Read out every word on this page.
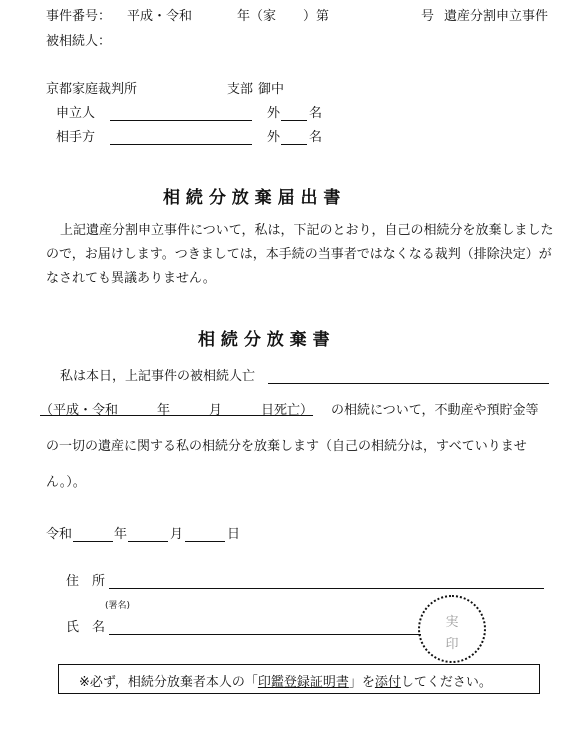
事件番号： 平成・令和	年（家 ）第	号 遺産分割申立事件
被相続人：
京都家庭裁判所	支部 御中
申立人	外 名
相手方	外 名
相 続 分 放 棄 届 出 書
上記遺産分割申立事件について，私は，下記のとおり，自己の相続分を放棄しましたので，お届けします。つきましては，本手続の当事者ではなくなる裁判（排除決定）がなされても異議ありません。
相 続 分 放 棄 書
私は本日，上記事件の被相続人亡
（平成・令和　　　年　　　月　　　日死亡） の相続について，不動産や預貯金等
の一切の遺産に関する私の相続分を放棄します（自己の相続分は，すべていりませ
ん。）。
令和	年	月	日
住　所
(署名)
氏　名	実
印
※必ず，相続分放棄者本人の「印鑑登録証明書」を添付してください。
